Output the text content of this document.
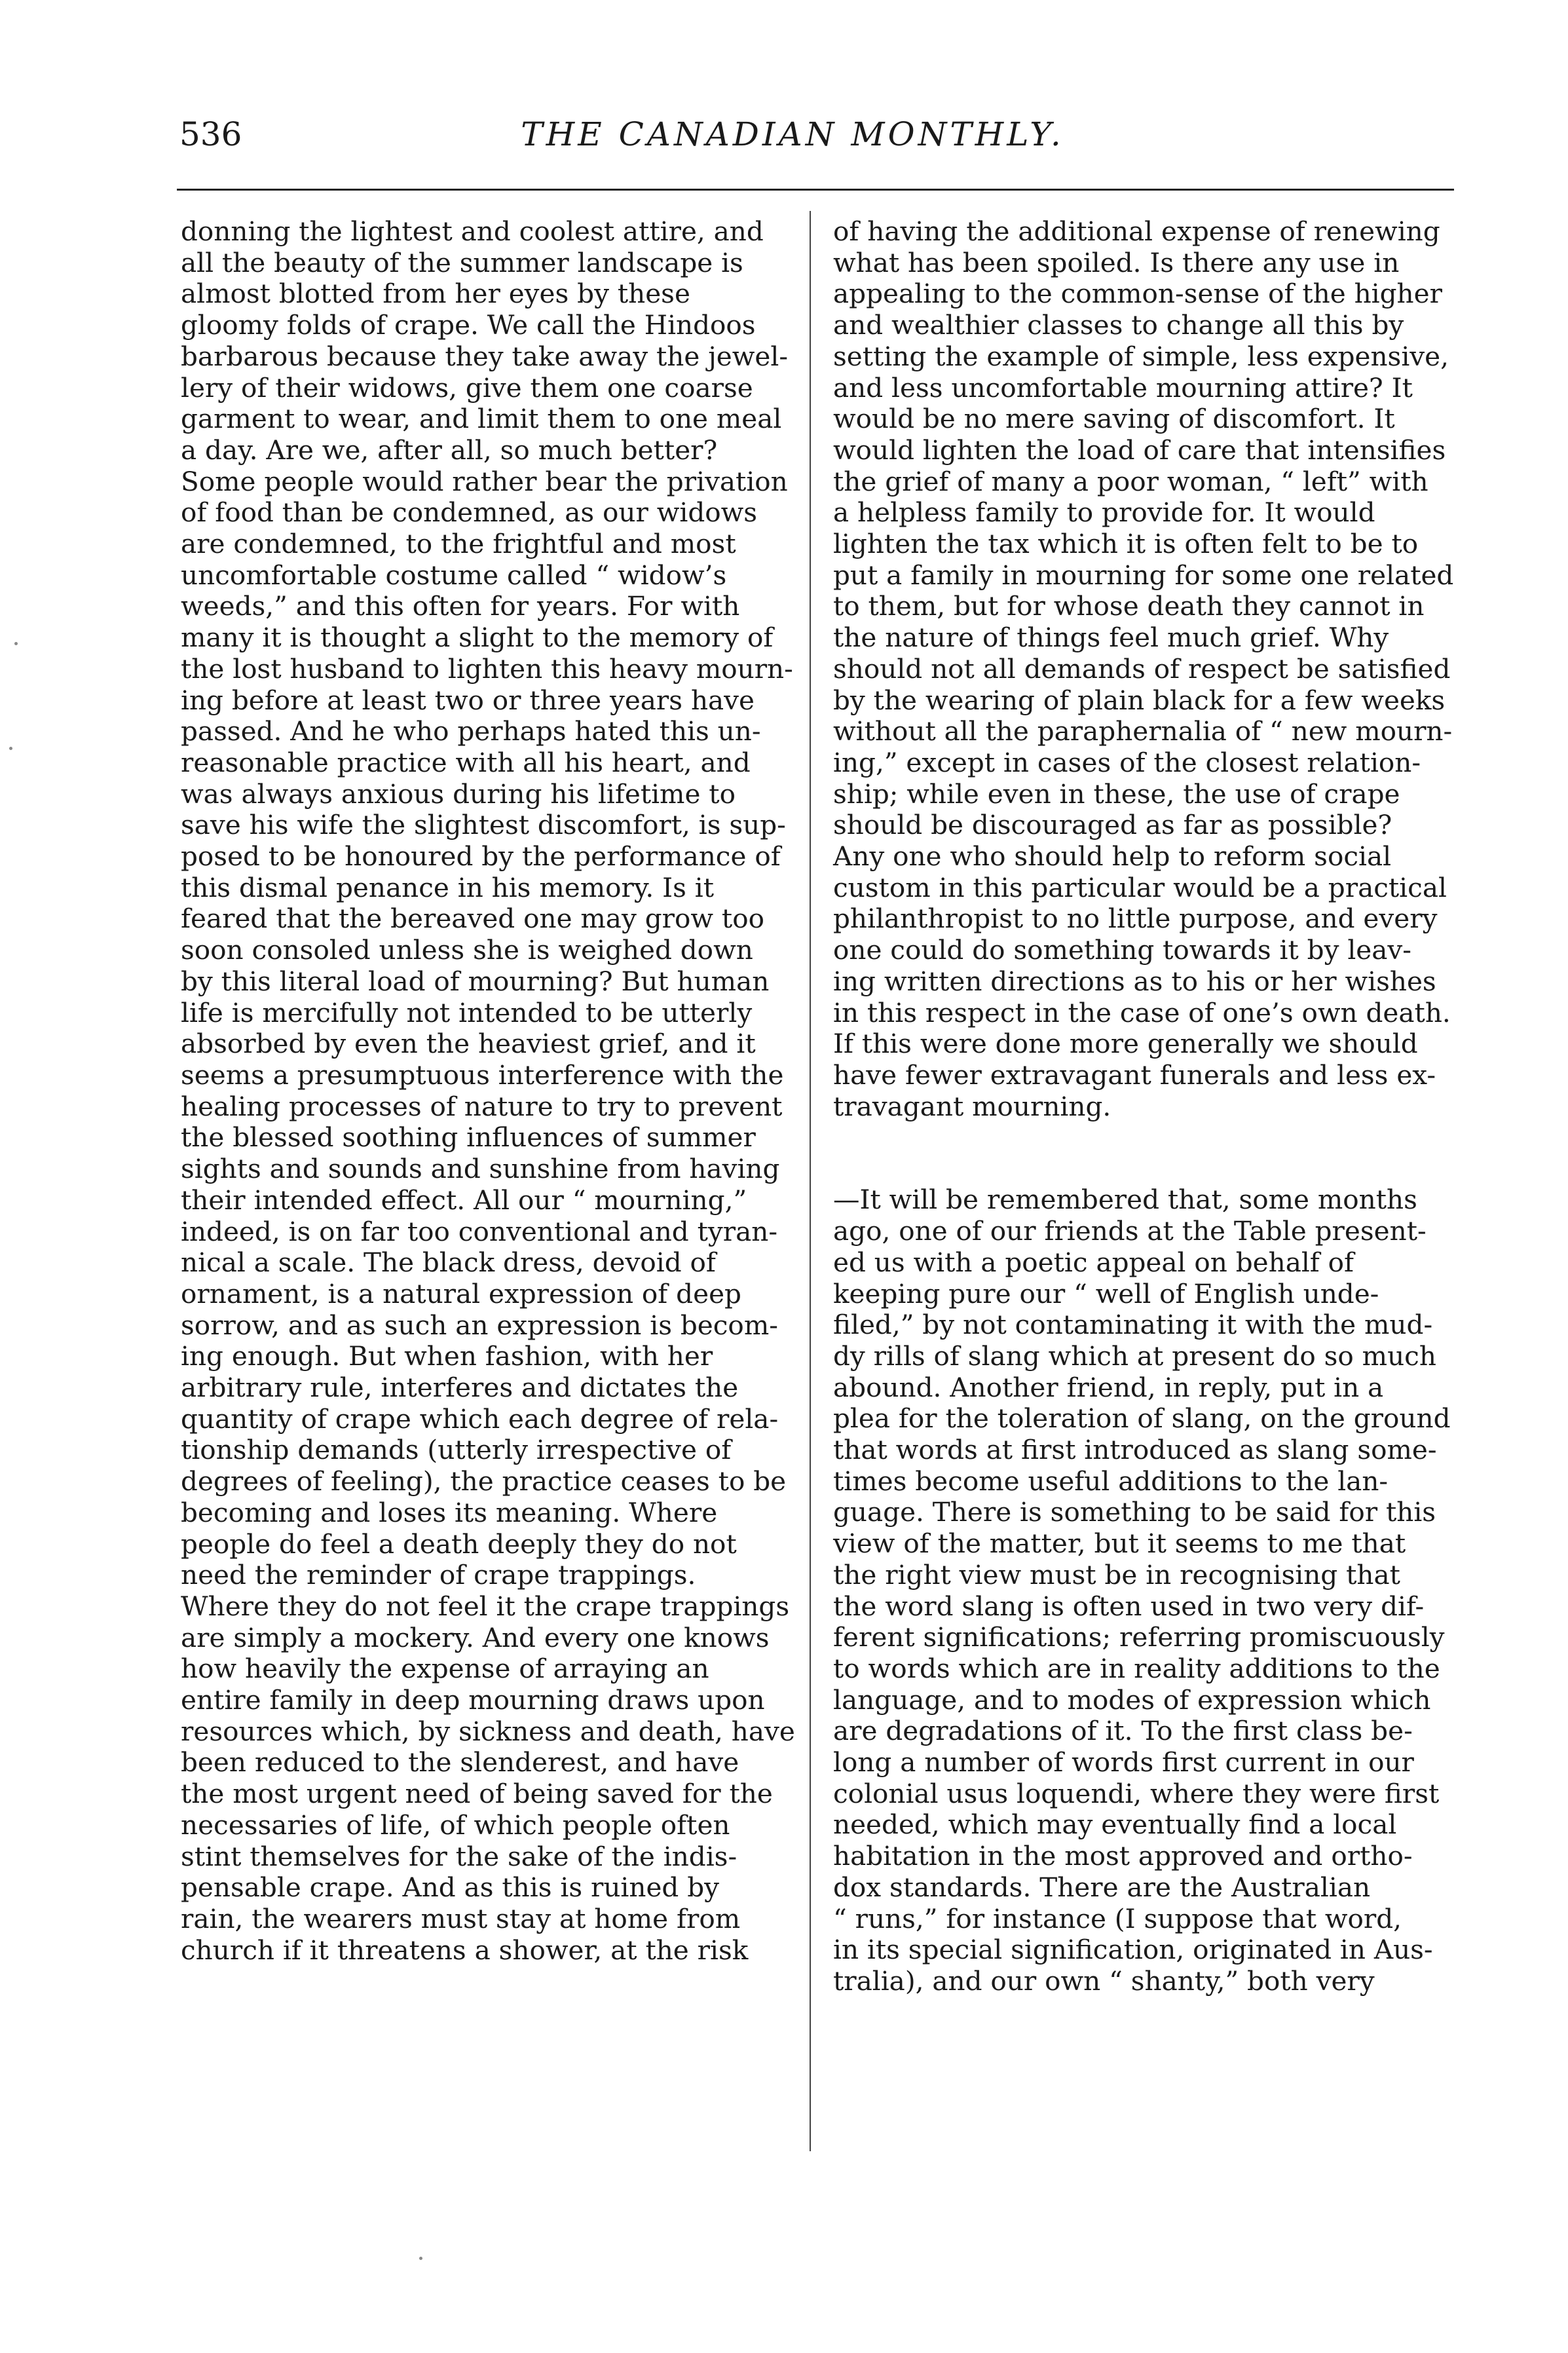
536	THE CANADIAN MONTHLY.

donning the lightest and coolest attire, and
all the beauty of the summer landscape is
almost blotted from her eyes by these
gloomy folds of crape. We call the Hindoos
barbarous because they take away the jewel-
lery of their widows, give them one coarse
garment to wear, and limit them to one meal
a day. Are we, after all, so much better?
Some people would rather bear the privation
of food than be condemned, as our widows
are condemned, to the frightful and most
uncomfortable costume called “ widow’s
weeds,” and this often for years. For with
many it is thought a slight to the memory of
the lost husband to lighten this heavy mourn-
ing before at least two or three years have
passed. And he who perhaps hated this un-
reasonable practice with all his heart, and
was always anxious during his lifetime to
save his wife the slightest discomfort, is sup-
posed to be honoured by the performance of
this dismal penance in his memory. Is it
feared that the bereaved one may grow too
soon consoled unless she is weighed down
by this literal load of mourning? But human
life is mercifully not intended to be utterly
absorbed by even the heaviest grief, and it
seems a presumptuous interference with the
healing processes of nature to try to prevent
the blessed soothing influences of summer
sights and sounds and sunshine from having
their intended effect. All our “ mourning,”
indeed, is on far too conventional and tyran-
nical a scale. The black dress, devoid of
ornament, is a natural expression of deep
sorrow, and as such an expression is becom-
ing enough. But when fashion, with her
arbitrary rule, interferes and dictates the
quantity of crape which each degree of rela-
tionship demands (utterly irrespective of
degrees of feeling), the practice ceases to be
becoming and loses its meaning. Where
people do feel a death deeply they do not
need the reminder of crape trappings.
Where they do not feel it the crape trappings
are simply a mockery. And every one knows
how heavily the expense of arraying an
entire family in deep mourning draws upon
resources which, by sickness and death, have
been reduced to the slenderest, and have
the most urgent need of being saved for the
necessaries of life, of which people often
stint themselves for the sake of the indis-
pensable crape. And as this is ruined by
rain, the wearers must stay at home from
church if it threatens a shower, at the risk

of having the additional expense of renewing
what has been spoiled. Is there any use in
appealing to the common-sense of the higher
and wealthier classes to change all this by
setting the example of simple, less expensive,
and less uncomfortable mourning attire? It
would be no mere saving of discomfort. It
would lighten the load of care that intensifies
the grief of many a poor woman, “ left” with
a helpless family to provide for. It would
lighten the tax which it is often felt to be to
put a family in mourning for some one related
to them, but for whose death they cannot in
the nature of things feel much grief. Why
should not all demands of respect be satisfied
by the wearing of plain black for a few weeks
without all the paraphernalia of “ new mourn-
ing,” except in cases of the closest relation-
ship; while even in these, the use of crape
should be discouraged as far as possible?
Any one who should help to reform social
custom in this particular would be a practical
philanthropist to no little purpose, and every
one could do something towards it by leav-
ing written directions as to his or her wishes
in this respect in the case of one’s own death.
If this were done more generally we should
have fewer extravagant funerals and less ex-
travagant mourning.

—It will be remembered that, some months
ago, one of our friends at the Table present-
ed us with a poetic appeal on behalf of
keeping pure our “ well of English unde-
filed,” by not contaminating it with the mud-
dy rills of slang which at present do so much
abound. Another friend, in reply, put in a
plea for the toleration of slang, on the ground
that words at first introduced as slang some-
times become useful additions to the lan-
guage. There is something to be said for this
view of the matter, but it seems to me that
the right view must be in recognising that
the word slang is often used in two very dif-
ferent significations; referring promiscuously
to words which are in reality additions to the
language, and to modes of expression which
are degradations of it. To the first class be-
long a number of words first current in our
colonial usus loquendi, where they were first
needed, which may eventually find a local
habitation in the most approved and ortho-
dox standards. There are the Australian
“ runs,” for instance (I suppose that word,
in its special signification, originated in Aus-
tralia), and our own “ shanty,” both very
